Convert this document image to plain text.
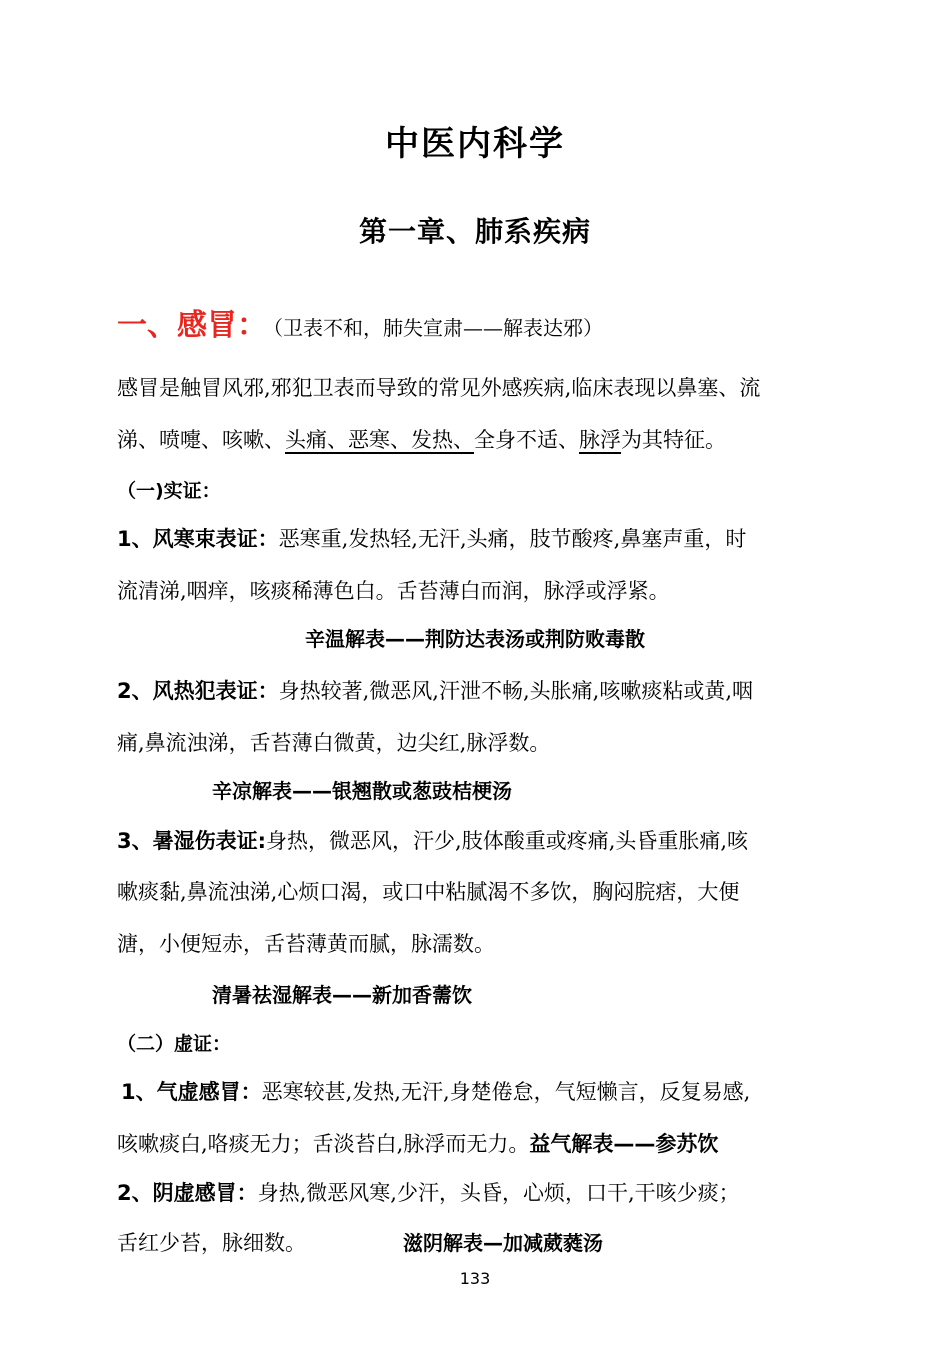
中医内科学
第一章、肺系疾病
一、感冒： （卫表不和，肺失宣肃——解表达邪）
感冒是触冒风邪,邪犯卫表而导致的常见外感疾病,临床表现以鼻塞、流
涕、喷嚏、咳嗽、头痛、恶寒、发热、全身不适、脉浮为其特征。
（一)实证：
1、风寒束表证：恶寒重,发热轻,无汗,头痛，肢节酸疼,鼻塞声重，时
流清涕,咽痒，咳痰稀薄色白。舌苔薄白而润，脉浮或浮紧。
辛温解表——荆防达表汤或荆防败毒散
2、风热犯表证：身热较著,微恶风,汗泄不畅,头胀痛,咳嗽痰粘或黄,咽
痛,鼻流浊涕，舌苔薄白微黄，边尖红,脉浮数。
辛凉解表——银翘散或葱豉桔梗汤
3、暑湿伤表证:身热，微恶风，汗少,肢体酸重或疼痛,头昏重胀痛,咳
嗽痰黏,鼻流浊涕,心烦口渴，或口中粘腻渴不多饮，胸闷脘痞，大便
溏，小便短赤，舌苔薄黄而腻，脉濡数。
清暑祛湿解表——新加香薷饮
（二）虚证：
1、气虚感冒：恶寒较甚,发热,无汗,身楚倦怠，气短懒言，反复易感,
咳嗽痰白,咯痰无力；舌淡苔白,脉浮而无力。益气解表——参苏饮
2、阴虚感冒：身热,微恶风寒,少汗，头昏，心烦，口干,干咳少痰；
舌红少苔，脉细数。	滋阴解表—加减葳蕤汤
133
